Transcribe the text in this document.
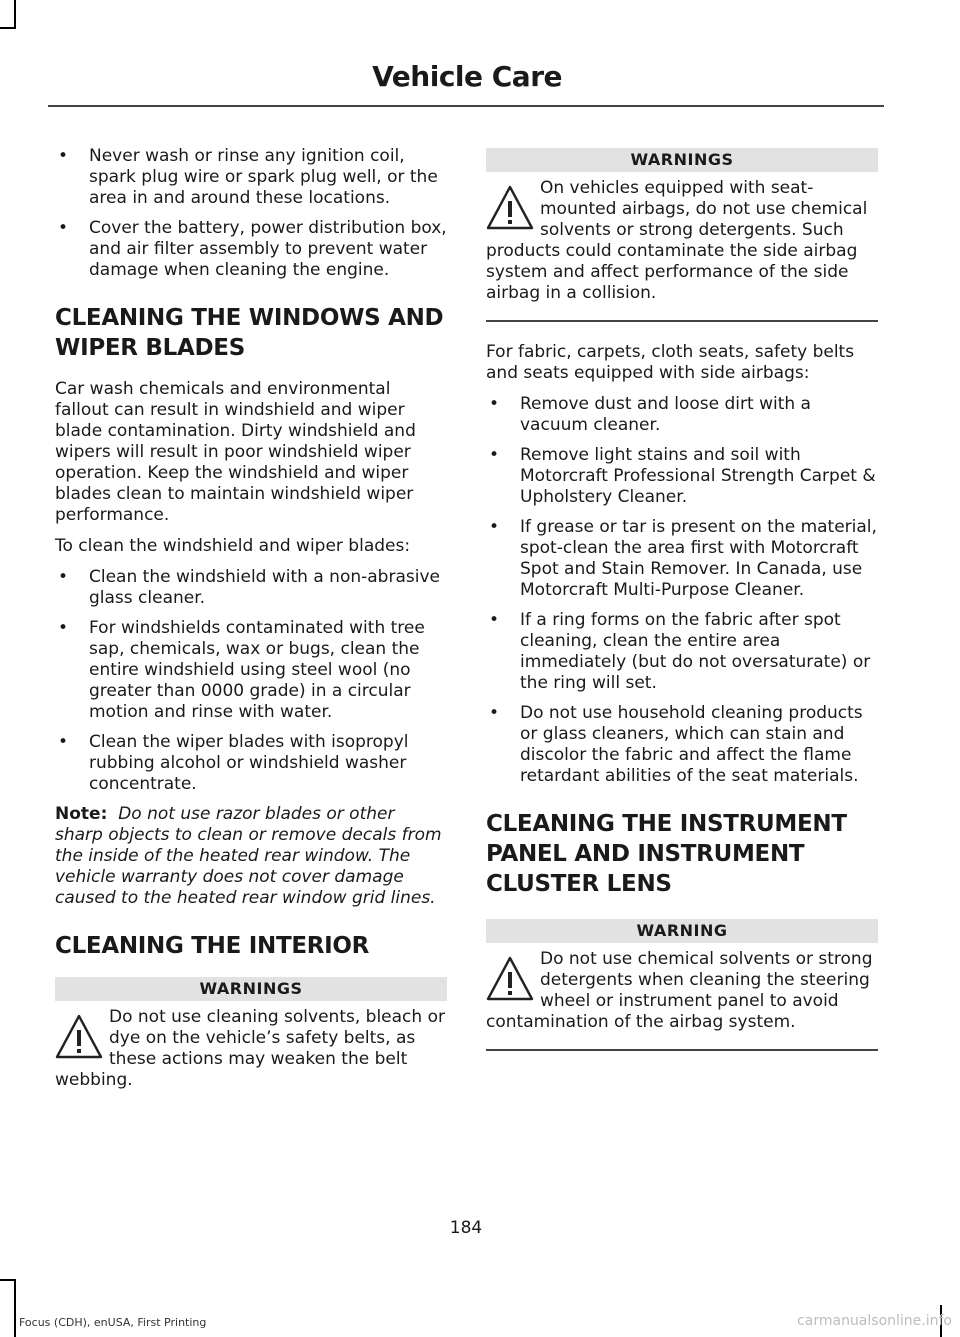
Vehicle Care
• Never wash or rinse any ignition coil, spark plug wire or spark plug well, or the area in and around these locations.
• Cover the battery, power distribution box, and air filter assembly to prevent water damage when cleaning the engine.
CLEANING THE WINDOWS AND WIPER BLADES

Car wash chemicals and environmental fallout can result in windshield and wiper blade contamination. Dirty windshield and wipers will result in poor windshield wiper operation. Keep the windshield and wiper blades clean to maintain windshield wiper performance.

To clean the windshield and wiper blades:

• Clean the windshield with a non-abrasive glass cleaner.
• For windshields contaminated with tree sap, chemicals, wax or bugs, clean the entire windshield using steel wool (no greater than 0000 grade) in a circular motion and rinse with water.
• Clean the wiper blades with isopropyl rubbing alcohol or windshield washer concentrate.

Note: Do not use razor blades or other sharp objects to clean or remove decals from the inside of the heated rear window. The vehicle warranty does not cover damage caused to the heated rear window grid lines.

CLEANING THE INTERIOR
WARNINGS
Do not use cleaning solvents, bleach or dye on the vehicle’s safety belts, as these actions may weaken the belt webbing.
WARNINGS
On vehicles equipped with seat-mounted airbags, do not use chemical solvents or strong detergents. Such products could contaminate the side airbag system and affect performance of the side airbag in a collision.

For fabric, carpets, cloth seats, safety belts and seats equipped with side airbags:

• Remove dust and loose dirt with a vacuum cleaner.
• Remove light stains and soil with Motorcraft Professional Strength Carpet & Upholstery Cleaner.
• If grease or tar is present on the material, spot-clean the area first with Motorcraft Spot and Stain Remover. In Canada, use Motorcraft Multi-Purpose Cleaner.
• If a ring forms on the fabric after spot cleaning, clean the entire area immediately (but do not oversaturate) or the ring will set.
• Do not use household cleaning products or glass cleaners, which can stain and discolor the fabric and affect the flame retardant abilities of the seat materials.
CLEANING THE INSTRUMENT PANEL AND INSTRUMENT CLUSTER LENS
WARNING
Do not use chemical solvents or strong detergents when cleaning the steering wheel or instrument panel to avoid contamination of the airbag system.
184
Focus (CDH), enUSA, First Printing	carmanualsonline.info
